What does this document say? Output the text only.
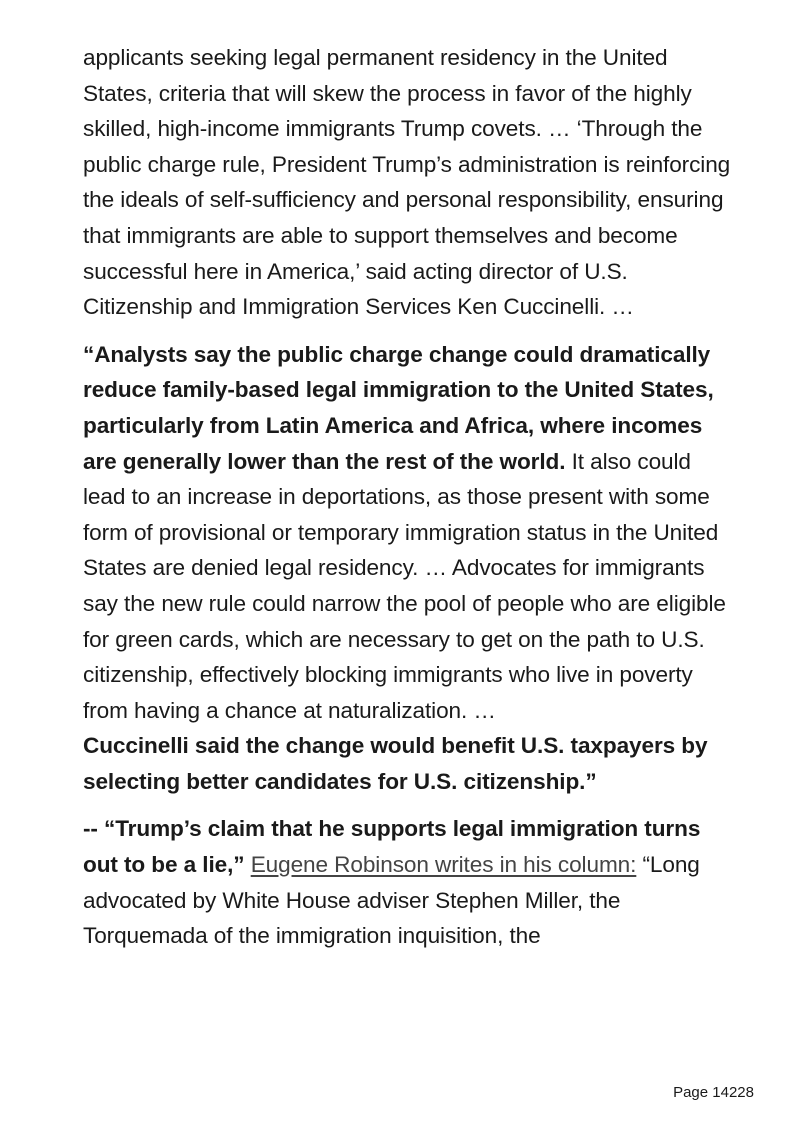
applicants seeking legal permanent residency in the United States, criteria that will skew the process in favor of the highly skilled, high-income immigrants Trump covets. … ‘Through the public charge rule, President Trump’s administration is reinforcing the ideals of self-sufficiency and personal responsibility, ensuring that immigrants are able to support themselves and become successful here in America,’ said acting director of U.S. Citizenship and Immigration Services Ken Cuccinelli. …

“Analysts say the public charge change could dramatically reduce family-based legal immigration to the United States, particularly from Latin America and Africa, where incomes are generally lower than the rest of the world. It also could lead to an increase in deportations, as those present with some form of provisional or temporary immigration status in the United States are denied legal residency. … Advocates for immigrants say the new rule could narrow the pool of people who are eligible for green cards, which are necessary to get on the path to U.S. citizenship, effectively blocking immigrants who live in poverty from having a chance at naturalization. …
Cuccinelli said the change would benefit U.S. taxpayers by selecting better candidates for U.S. citizenship.”

-- “Trump’s claim that he supports legal immigration turns out to be a lie,” Eugene Robinson writes in his column: “Long advocated by White House adviser Stephen Miller, the Torquemada of the immigration inquisition, the

Page 14228
